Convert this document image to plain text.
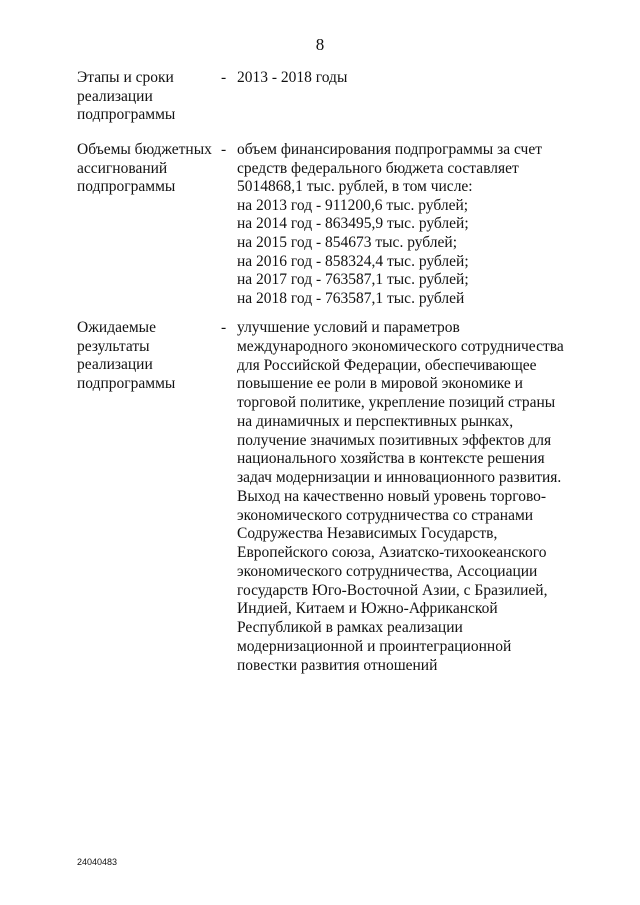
8
Этапы и сроки
реализации
подпрограммы
- 2013 - 2018 годы
Объемы бюджетных
ассигнований
подпрограммы
- объем финансирования подпрограммы за счет
средств федерального бюджета составляет
5014868,1 тыс. рублей, в том числе:
на 2013 год - 911200,6 тыс. рублей;
на 2014 год - 863495,9 тыс. рублей;
на 2015 год - 854673 тыс. рублей;
на 2016 год - 858324,4 тыс. рублей;
на 2017 год - 763587,1 тыс. рублей;
на 2018 год - 763587,1 тыс. рублей
Ожидаемые
результаты
реализации
подпрограммы
- улучшение условий и параметров
международного экономического сотрудничества
для Российской Федерации, обеспечивающее
повышение ее роли в мировой экономике и
торговой политике, укрепление позиций страны
на динамичных и перспективных рынках,
получение значимых позитивных эффектов для
национального хозяйства в контексте решения
задач модернизации и инновационного развития.
Выход на качественно новый уровень торгово-
экономического сотрудничества со странами
Содружества Независимых Государств,
Европейского союза, Азиатско-тихоокеанского
экономического сотрудничества, Ассоциации
государств Юго-Восточной Азии, с Бразилией,
Индией, Китаем и Южно-Африканской
Республикой в рамках реализации
модернизационной и проинтеграционной
повестки развития отношений
24040483
